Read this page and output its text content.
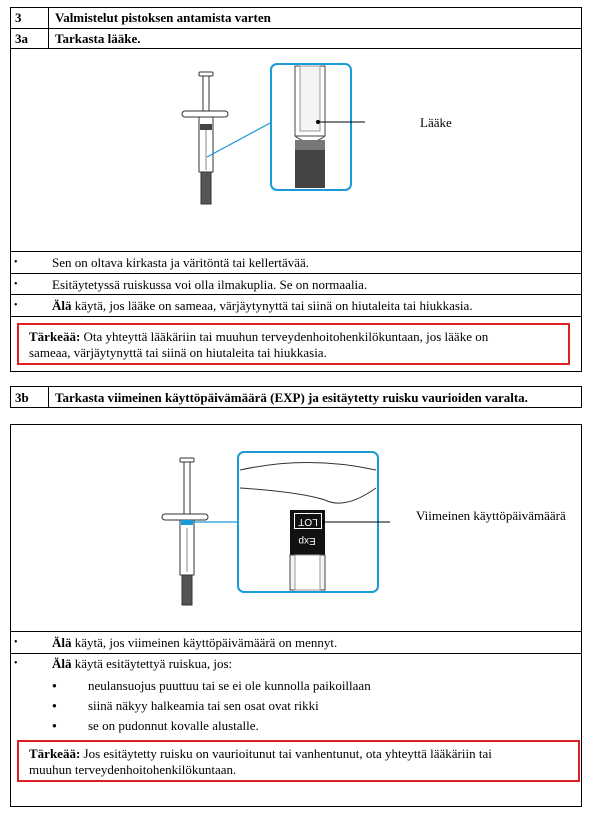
3	Valmistelut pistoksen antamista varten
3a Tarkasta lääke.
Lääke
•	Sen on oltava kirkasta ja väritöntä tai kellertävää.
•	Esitäytetyssä ruiskussa voi olla ilmakuplia. Se on normaalia.
•	Älä käytä, jos lääke on sameaa, värjäytynyttä tai siinä on hiutaleita tai hiukkasia.
Tärkeää: Ota yhteyttä lääkäriin tai muuhun terveydenhoitohenkilökuntaan, jos lääke on
sameaa, värjäytynyttä tai siinä on hiutaleita tai hiukkasia.
3b Tarkasta viimeinen käyttöpäivämäärä (EXP) ja esitäytetty ruisku vaurioiden varalta.
LOT
Exp
Viimeinen käyttöpäivämäärä
•	Älä käytä, jos viimeinen käyttöpäivämäärä on mennyt.
•	Älä käytä esitäytettyä ruiskua, jos:
● neulansuojus puuttuu tai se ei ole kunnolla paikoillaan
● siinä näkyy halkeamia tai sen osat ovat rikki
● se on pudonnut kovalle alustalle.
Tärkeää: Jos esitäytetty ruisku on vaurioitunut tai vanhentunut, ota yhteyttä lääkäriin tai
muuhun terveydenhoitohenkilökuntaan.
